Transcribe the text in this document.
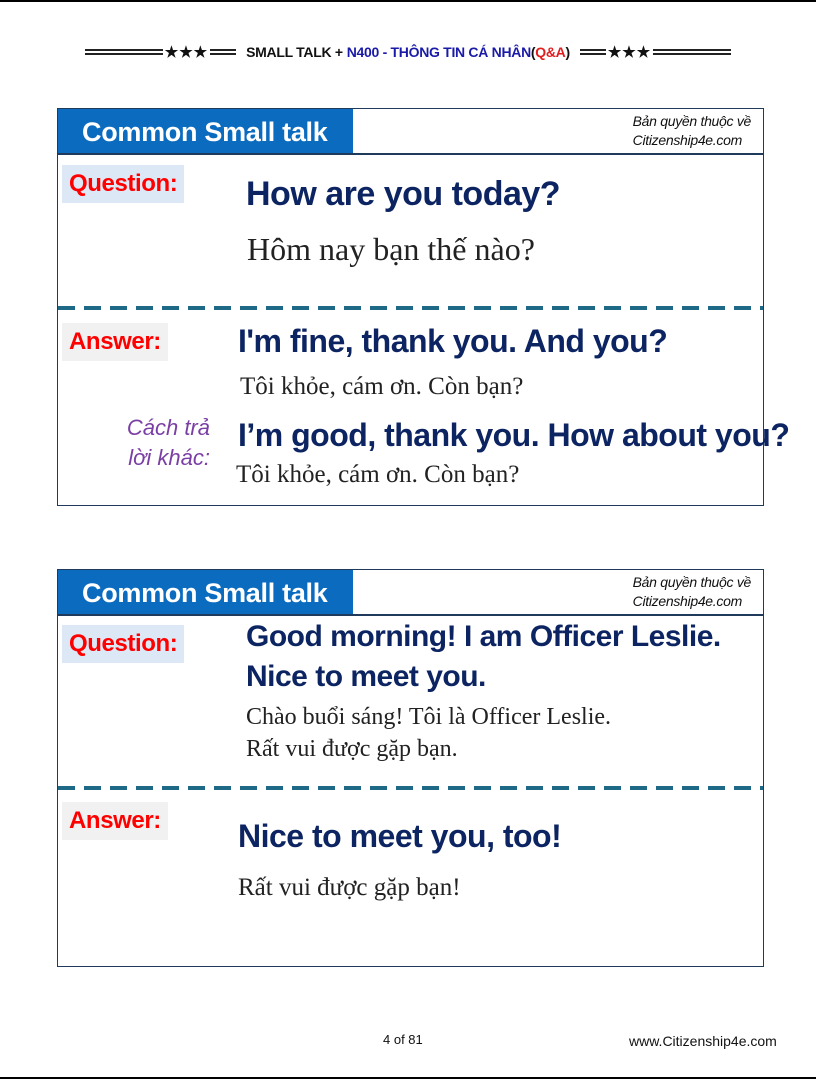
★★★	SMALL TALK + N400 - THÔNG TIN CÁ NHÂN ( Q&A )	★★★
Common Small talk	Bản quyền thuộc về
Citizenship4e.com
Question: How are you today?
Hôm nay bạn thế nào?
Answer: I'm fine, thank you. And you?
Tôi khỏe, cám ơn. Còn bạn?
Cách trả
lời khác:
I’m good, thank you. How about you?
Tôi khỏe, cám ơn. Còn bạn?
Common Small talk	Bản quyền thuộc về
Citizenship4e.com
Question: Good morning! I am Officer Leslie.
Nice to meet you.
Chào buổi sáng! Tôi là Officer Leslie.
Rất vui được gặp bạn.
Answer: Nice to meet you, too!
Rất vui được gặp bạn!
4 of 81	www.Citizenship4e.com
